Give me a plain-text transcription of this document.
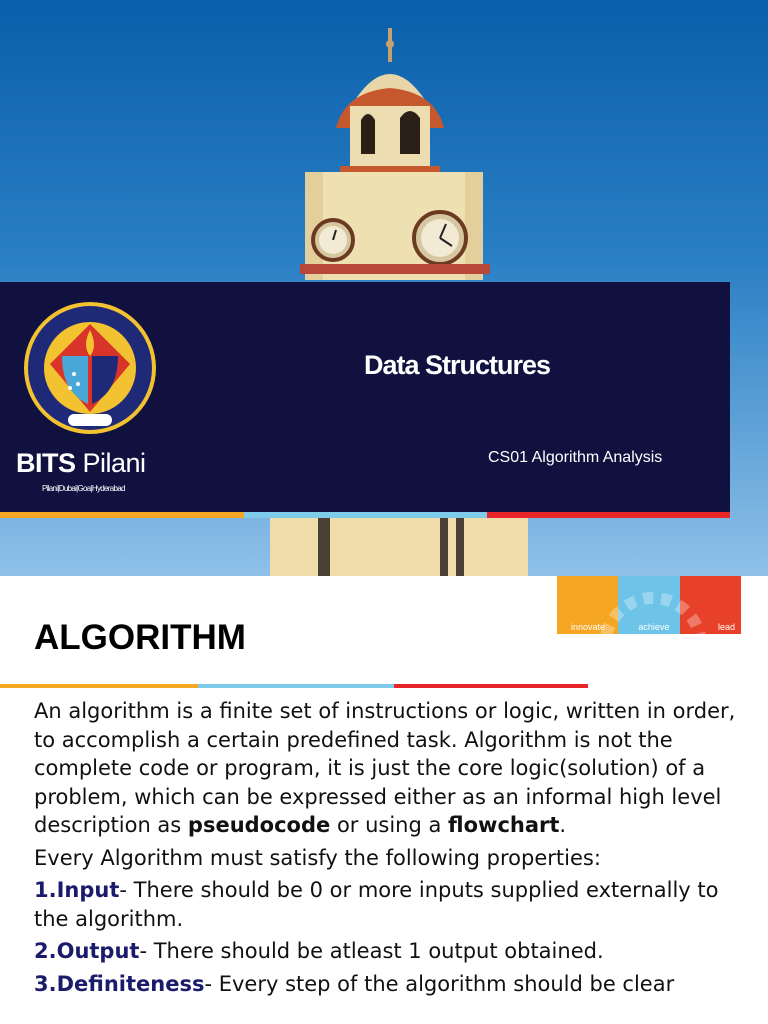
BITS Pilani
Pilani|Dubai|Goa|Hyderabad
Data Structures
CS01 Algorithm Analysis
innovate	achieve	lead
ALGORITHM

An algorithm is a finite set of instructions or logic, written in order, to accomplish a certain predefined task. Algorithm is not the complete code or program, it is just the core logic(solution) of a problem, which can be expressed either as an informal high level description as pseudocode or using a flowchart.

Every Algorithm must satisfy the following properties:

1.Input- There should be 0 or more inputs supplied externally to the algorithm.

2.Output- There should be atleast 1 output obtained.

3.Definiteness- Every step of the algorithm should be clear
